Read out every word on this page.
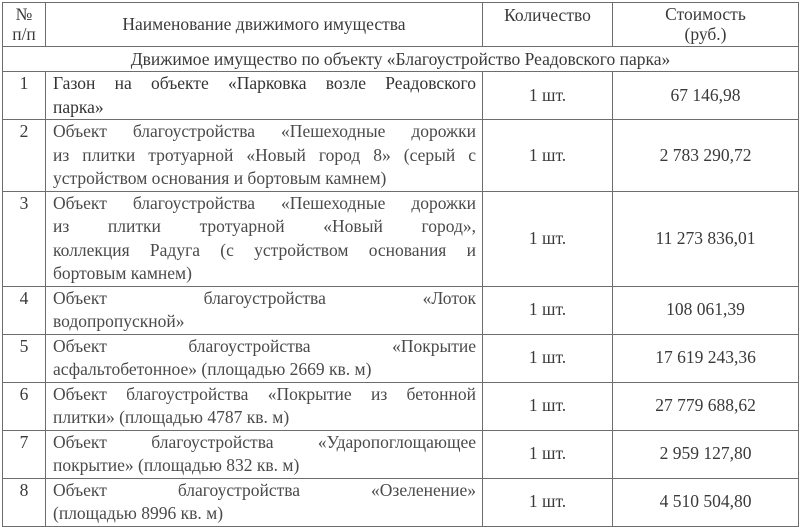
№
п/п	Наименование движимого имущества	Количество	Стоимость
(руб.)

Движимое имущество по объекту «Благоустройство Реадовского парка»			
1	Газон на объекте «Парковка возле Реадовского
парка»	1 шт.	67 146,98
2	Объект благоустройства «Пешеходные дорожки
из плитки тротуарной «Новый город 8» (серый с
устройством основания и бортовым камнем)	1 шт.	2 783 290,72
3	Объект благоустройства «Пешеходные дорожки
из плитки тротуарной «Новый город»,
коллекция Радуга (с устройством основания и
бортовым камнем)	1 шт.	11 273 836,01
4	Объект благоустройства «Лоток
водопропускной»	1 шт.	108 061,39
5	Объект благоустройства «Покрытие
асфальтобетонное» (площадью 2669 кв. м)	1 шт.	17 619 243,36
6	Объект благоустройства «Покрытие из бетонной
плитки» (площадью 4787 кв. м)	1 шт.	27 779 688,62
7	Объект благоустройства «Ударопоглощающее
покрытие» (площадью 832 кв. м)	1 шт.	2 959 127,80
8	Объект благоустройства «Озеленение»
(площадью 8996 кв. м)	1 шт.	4 510 504,80
